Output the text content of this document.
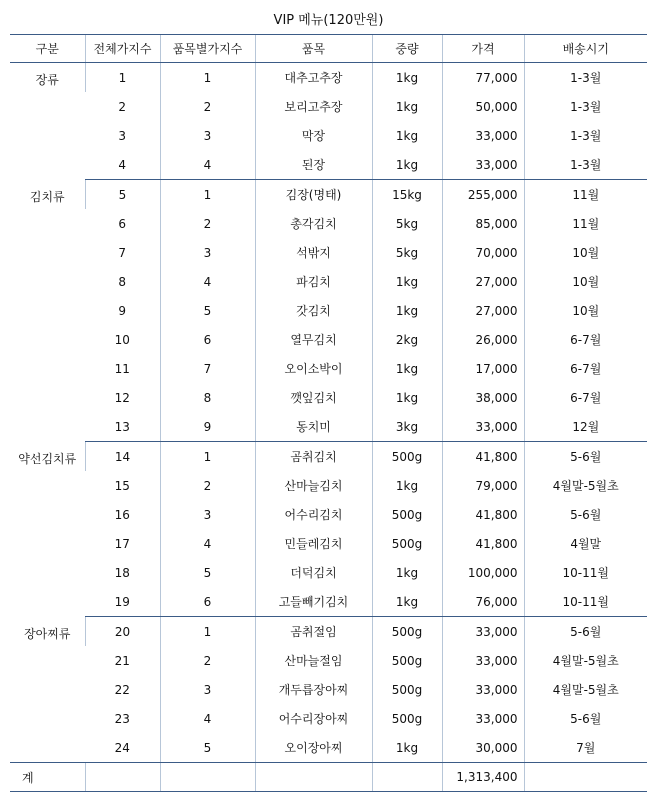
VIP 메뉴(120만원)
구분	전체가지수	품목별가지수	품목	중량	가격	배송시기
장류	1	1	대추고추장	1kg	77,000	1-3월
	2	2	보리고추장	1kg	50,000	1-3월
	3	3	막장	1kg	33,000	1-3월
	4	4	된장	1kg	33,000	1-3월
김치류	5	1	김장(명태)	15kg	255,000	11월
	6	2	총각김치	5kg	85,000	11월
	7	3	석밖지	5kg	70,000	10월
	8	4	파김치	1kg	27,000	10월
	9	5	갓김치	1kg	27,000	10월
	10	6	열무김치	2kg	26,000	6-7월
	11	7	오이소박이	1kg	17,000	6-7월
	12	8	깻잎김치	1kg	38,000	6-7월
	13	9	동치미	3kg	33,000	12월
약선김치류	14	1	곰취김치	500g	41,800	5-6월
	15	2	산마늘김치	1kg	79,000	4월말-5월초
	16	3	어수리김치	500g	41,800	5-6월
	17	4	민들레김치	500g	41,800	4월말
	18	5	더덕김치	1kg	100,000	10-11월
	19	6	고들빼기김치	1kg	76,000	10-11월
장아찌류	20	1	곰취절임	500g	33,000	5-6월
	21	2	산마늘절임	500g	33,000	4월말-5월초
	22	3	개두릅장아찌	500g	33,000	4월말-5월초
	23	4	어수리장아찌	500g	33,000	5-6월
	24	5	오이장아찌	1kg	30,000	7월
계					1,313,400	
